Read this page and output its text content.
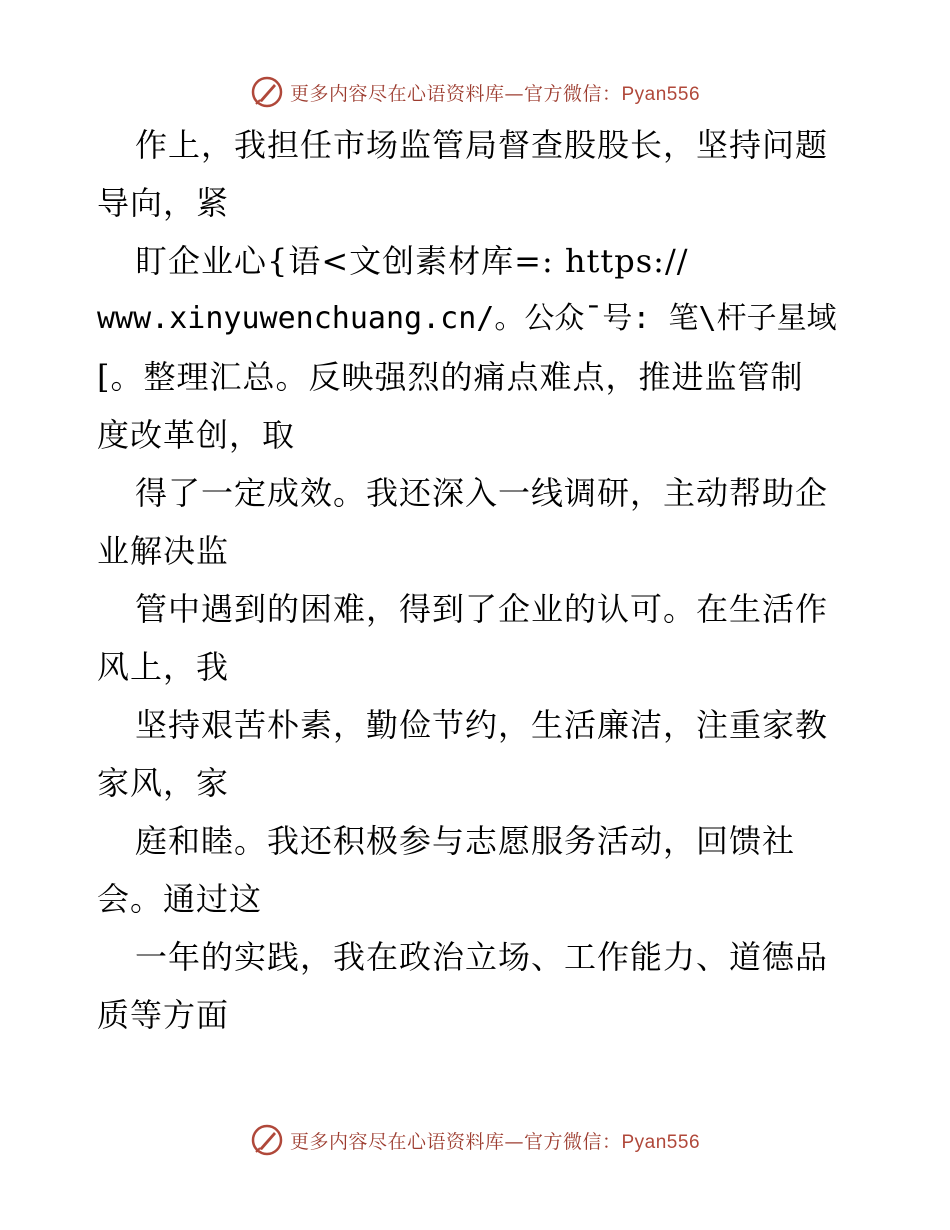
更多内容尽在心语资料库—官方微信：Pyan556
作上，我担任市场监管局督查股股长，坚持问题
导向，紧
盯企业心{语<文创素材库=: https://
www.xinyuwenchuang.cn/。公众¯号: 笔\杆子星域
[。整理汇总。反映强烈的痛点难点，推进监管制
度改革创，取
得了一定成效。我还深入一线调研，主动帮助企
业解决监
管中遇到的困难，得到了企业的认可。在生活作
风上，我
坚持艰苦朴素，勤俭节约，生活廉洁，注重家教
家风，家
庭和睦。我还积极参与志愿服务活动，回馈社
会。通过这
一年的实践，我在政治立场、工作能力、道德品
质等方面
更多内容尽在心语资料库—官方微信：Pyan556
